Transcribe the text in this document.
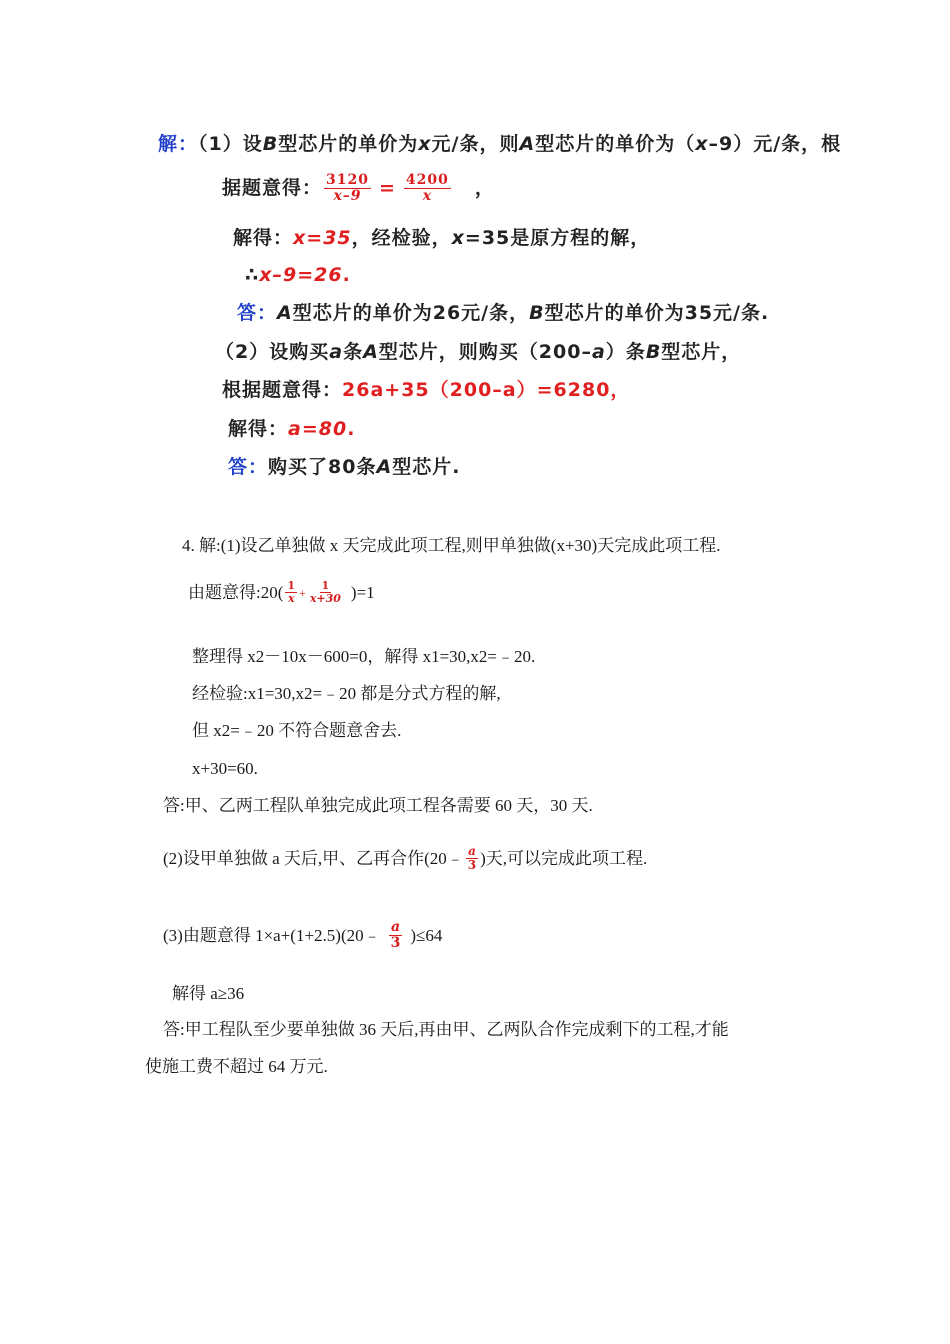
解：（1）设B型芯片的单价为x元/条，则A型芯片的单价为（x–9）元/条，根
据题意得： $\frac{3120}{x-9} = \frac{4200}{x}$ ，
解得：x=35，经检验，x=35是原方程的解，
∴x–9=26.
答：A型芯片的单价为26元/条，B型芯片的单价为35元/条.
（2）设购买a条A型芯片，则购买（200–a）条B型芯片，
根据题意得：26a+35（200–a）=6280，
解得：a=80.
答：购买了80条A型芯片.
4. 解:(1)设乙单独做 x 天完成此项工程,则甲单独做(x+30)天完成此项工程.
由题意得:20( $\frac{1}{x} + \frac{1}{x+30} )=1$
整理得 x2－10x－600=0，解得 x1=30,x2=﹣20.
经检验:x1=30,x2=﹣20 都是分式方程的解,
但 x2=﹣20 不符合题意舍去.
x+30=60.
答:甲、乙两工程队单独完成此项工程各需要 60 天，30 天.
(2)设甲单独做 a 天后,甲、乙再合作(20﹣ $\frac{a}{3}$ )天,可以完成此项工程.
(3)由题意得 1×a+(1+2.5)(20﹣ $\frac{a}{3} )\le 64$
解得 a≥36
答:甲工程队至少要单独做 36 天后,再由甲、乙两队合作完成剩下的工程,才能
使施工费不超过 64 万元.
